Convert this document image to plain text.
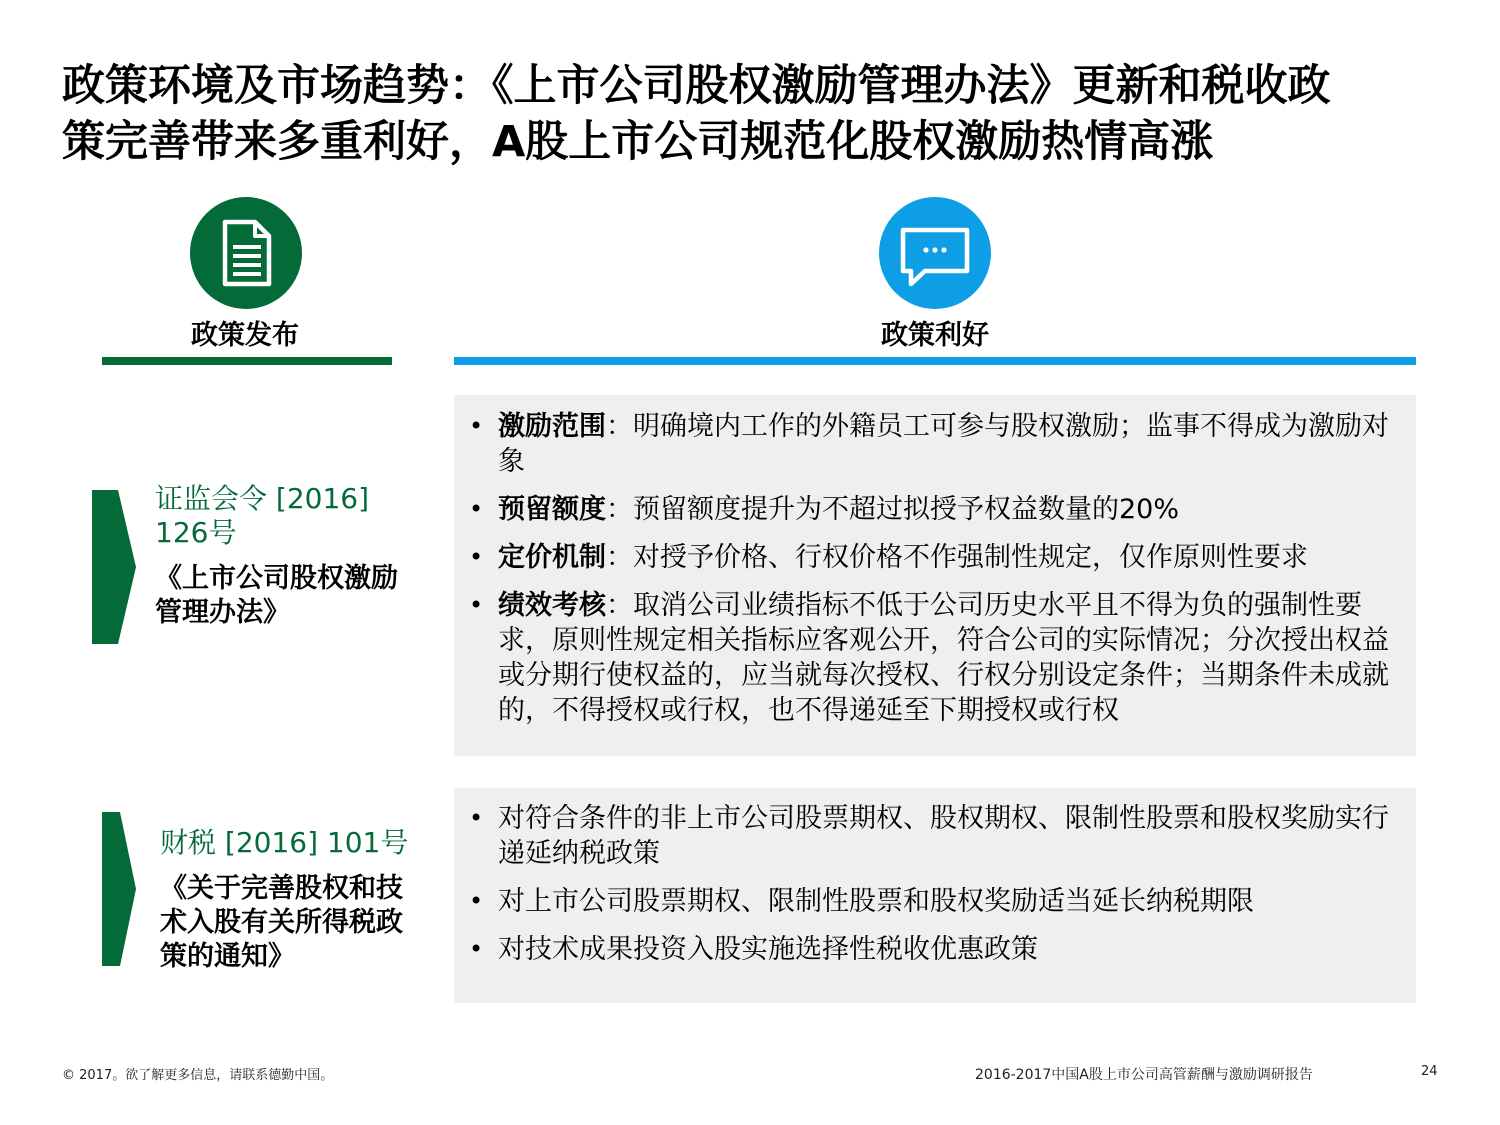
政策环境及市场趋势：《上市公司股权激励管理办法》更新和税收政
策完善带来多重利好，A股上市公司规范化股权激励热情高涨
政策发布	政策利好
证监会令 [2016] 126号
《上市公司股权激励管理办法》
财税 [2016] 101号
《关于完善股权和技术入股有关所得税政策的通知》
• 激励范围：明确境内工作的外籍员工可参与股权激励；监事不得成为激励对象
• 预留额度：预留额度提升为不超过拟授予权益数量的20%
• 定价机制：对授予价格、行权价格不作强制性规定，仅作原则性要求
• 绩效考核：取消公司业绩指标不低于公司历史水平且不得为负的强制性要求，原则性规定相关指标应客观公开，符合公司的实际情况；分次授出权益或分期行使权益的，应当就每次授权、行权分别设定条件；当期条件未成就的，不得授权或行权，也不得递延至下期授权或行权
• 对符合条件的非上市公司股票期权、股权期权、限制性股票和股权奖励实行递延纳税政策
• 对上市公司股票期权、限制性股票和股权奖励适当延长纳税期限
• 对技术成果投资入股实施选择性税收优惠政策
© 2017。欲了解更多信息，请联系德勤中国。	2016-2017中国A股上市公司高管薪酬与激励调研报告	24
